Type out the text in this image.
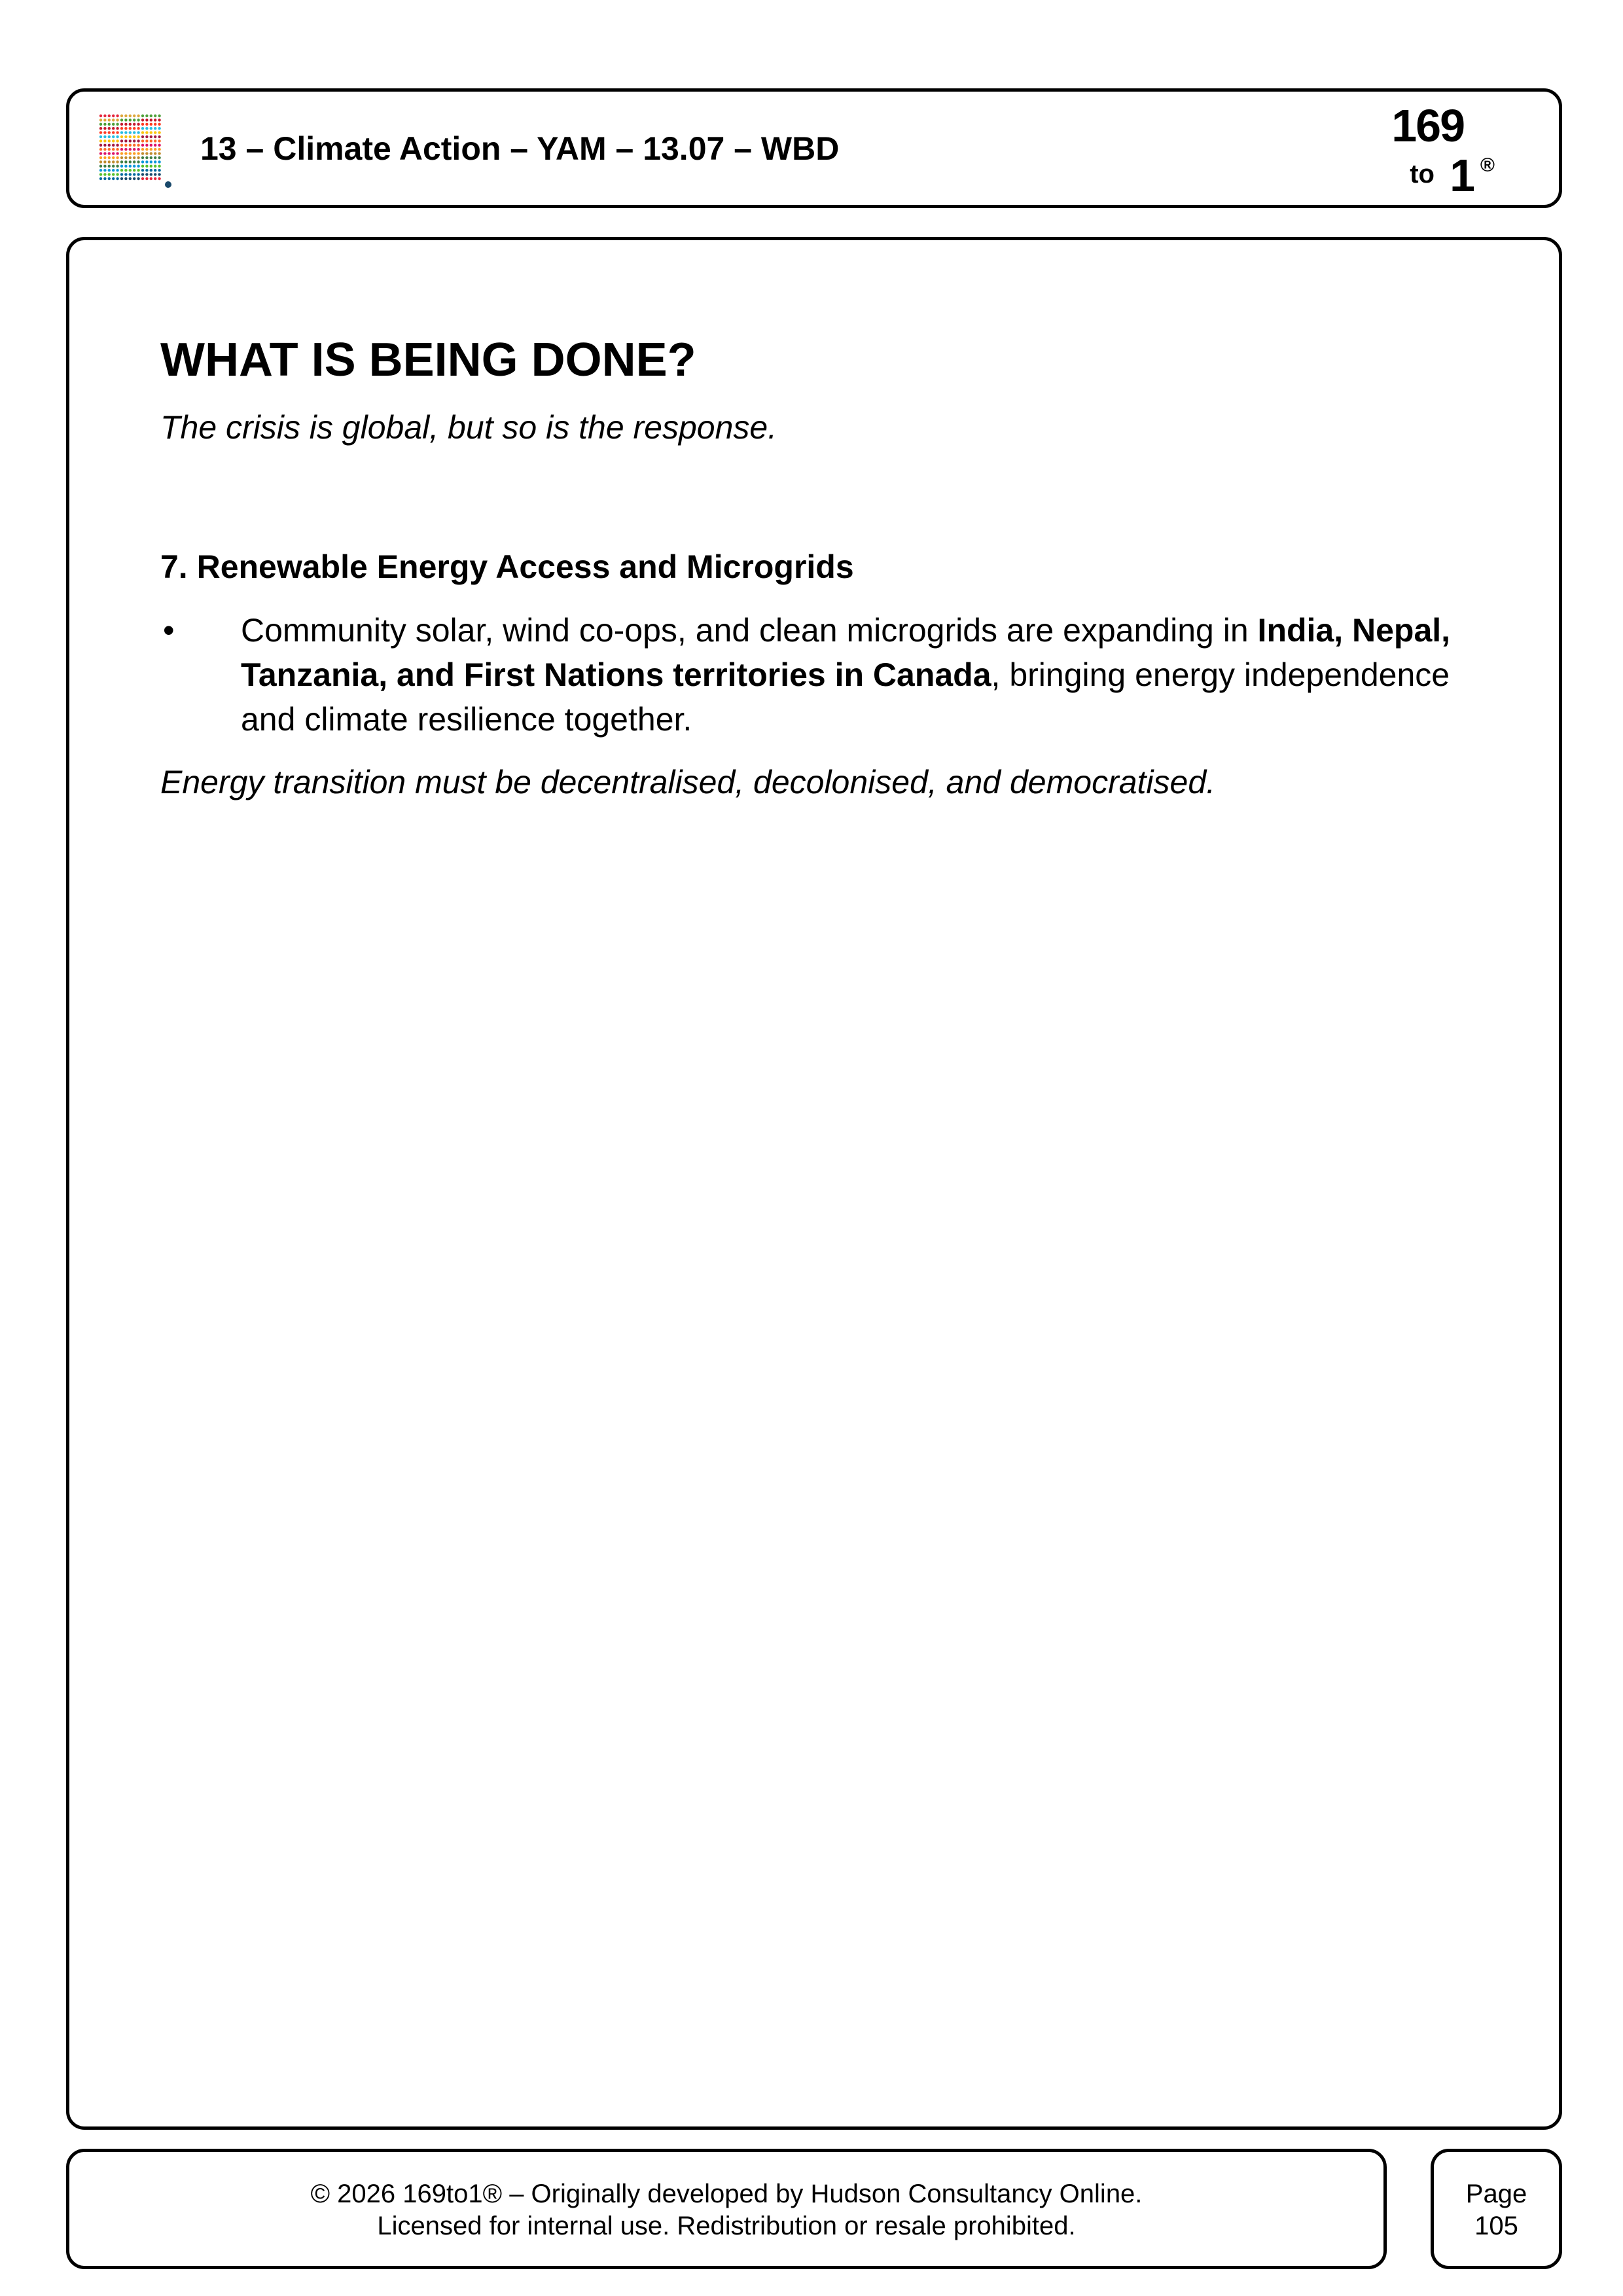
13 – Climate Action – YAM – 13.07 – WBD	169
to 1 ®
WHAT IS BEING DONE?

The crisis is global, but so is the response.

7. Renewable Energy Access and Microgrids
• Community solar, wind co-ops, and clean microgrids are expanding in India, Nepal, Tanzania, and First Nations territories in Canada, bringing energy independence and climate resilience together.

Energy transition must be decentralised, decolonised, and democratised.

© 2026 169to1® – Originally developed by Hudson Consultancy Online.
Licensed for internal use. Redistribution or resale prohibited.
Page
105
